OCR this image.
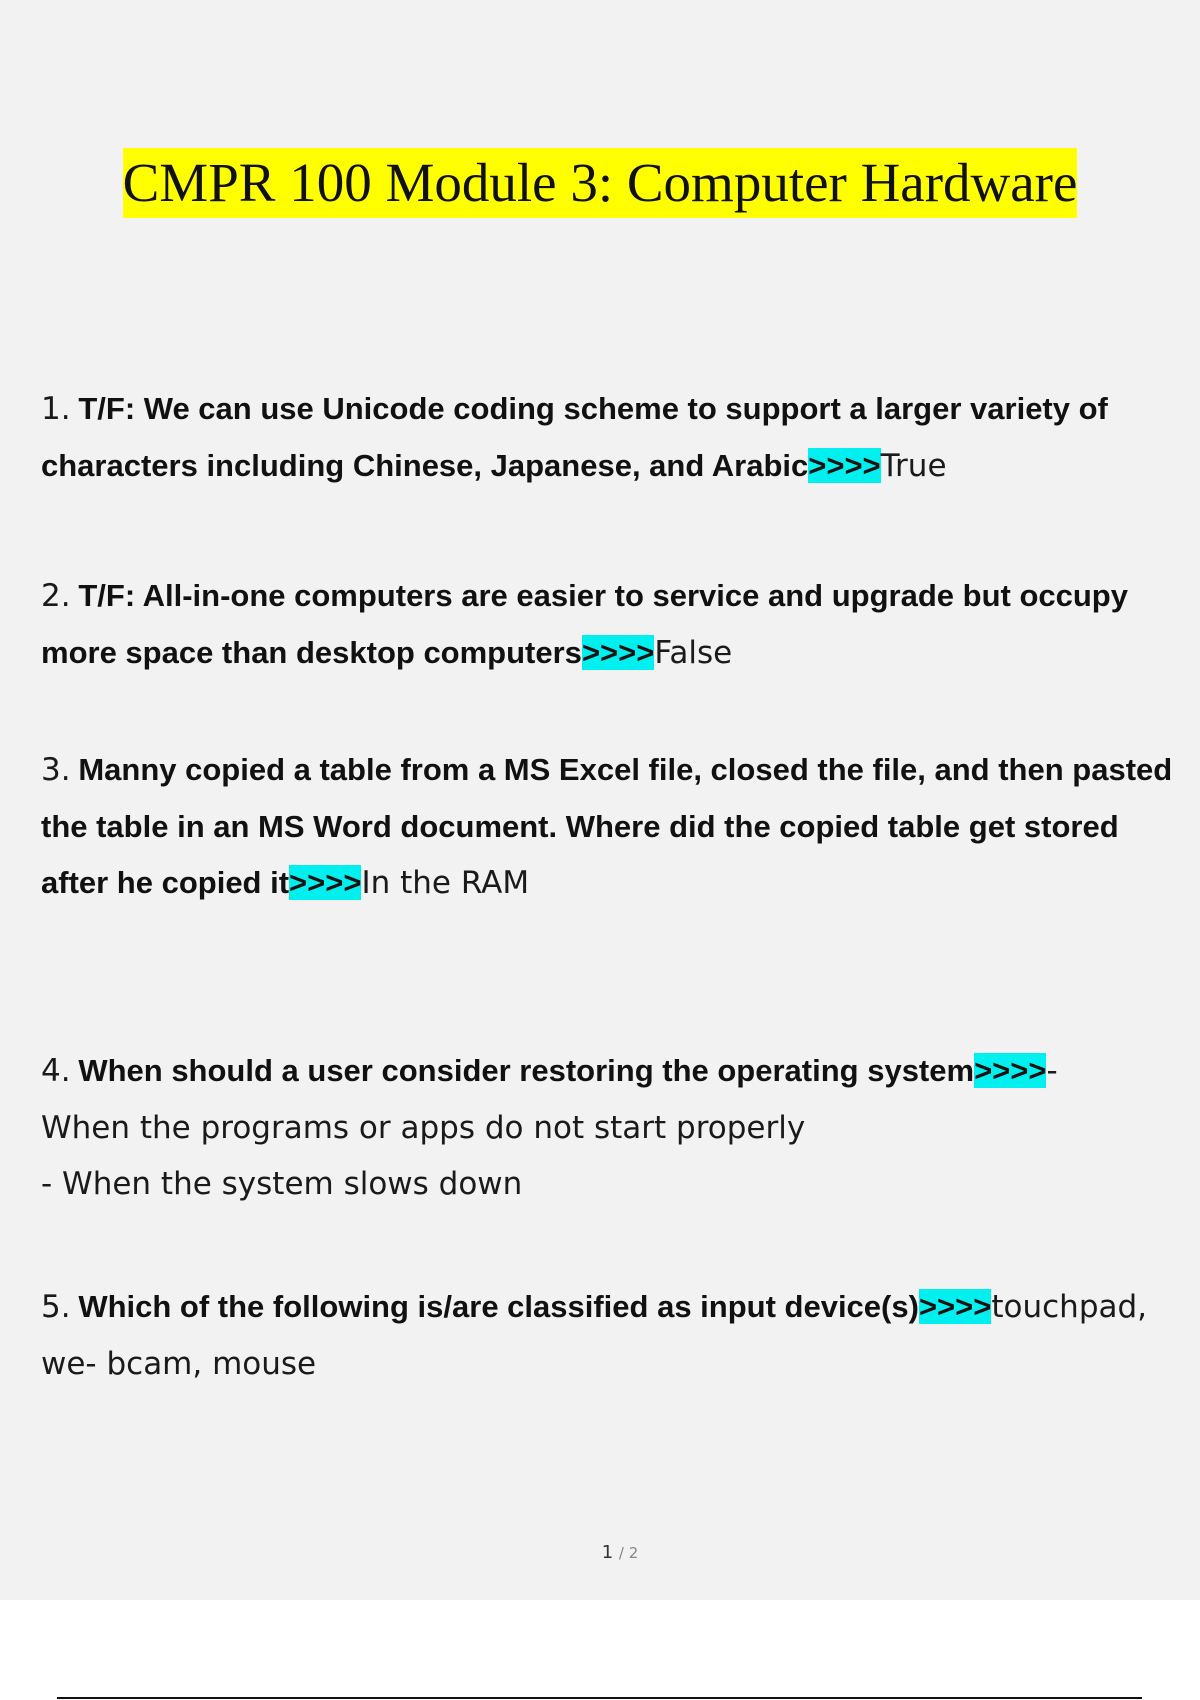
CMPR 100 Module 3: Computer Hardware
1. T/F: We can use Unicode coding scheme to support a larger variety of characters including Chinese, Japanese, and Arabic>>>>True
2. T/F: All-in-one computers are easier to service and upgrade but occupy more space than desktop computers>>>>False
3. Manny copied a table from a MS Excel file, closed the file, and then pasted the table in an MS Word document. Where did the copied table get stored after he copied it>>>>In the RAM
4. When should a user consider restoring the operating system>>>>-
When the programs or apps do not start properly
- When the system slows down
5. Which of the following is/are classified as input device(s)>>>>touchpad, we- bcam, mouse
1 / 2
